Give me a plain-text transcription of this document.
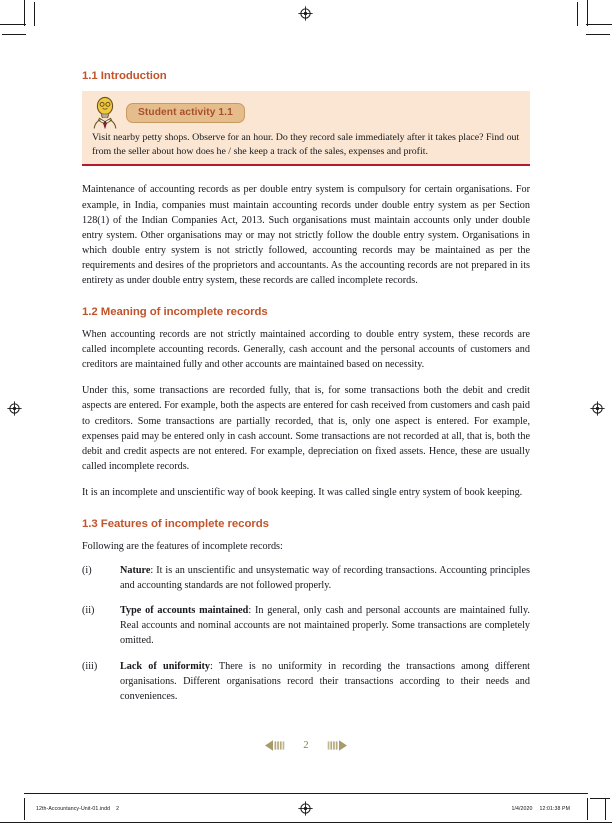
1.1 Introduction
Student activity 1.1

Visit nearby petty shops. Observe for an hour. Do they record sale immediately after it takes place? Find out from the seller about how does he / she keep a track of the sales, expenses and profit.

Maintenance of accounting records as per double entry system is compulsory for certain organisations. For example, in India, companies must maintain accounting records under double entry system as per Section 128(1) of the Indian Companies Act, 2013. Such organisations must maintain accounts only under double entry system. Other organisations may or may not strictly follow the double entry system. Organisations in which double entry system is not strictly followed, accounting records may be maintained as per the requirements and desires of the proprietors and accountants. As the accounting records are not prepared in its entirety as under double entry system, these records are called incomplete records.

1.2 Meaning of incomplete records

When accounting records are not strictly maintained according to double entry system, these records are called incomplete accounting records. Generally, cash account and the personal accounts of customers and creditors are maintained fully and other accounts are maintained based on necessity.

Under this, some transactions are recorded fully, that is, for some transactions both the debit and credit aspects are entered. For example, both the aspects are entered for cash received from customers and cash paid to creditors. Some transactions are partially recorded, that is, only one aspect is entered. For example, expenses paid may be entered only in cash account. Some transactions are not recorded at all, that is, both the debit and credit aspects are not entered. For example, depreciation on fixed assets. Hence, these are usually called incomplete records.

It is an incomplete and unscientific way of book keeping. It was called single entry system of book keeping.

1.3 Features of incomplete records

Following are the features of incomplete records:

(i)	Nature: It is an unscientific and unsystematic way of recording transactions. Accounting principles and accounting standards are not followed properly.
(ii)	Type of accounts maintained: In general, only cash and personal accounts are maintained fully. Real accounts and nominal accounts are not maintained properly. Some transactions are completely omitted.
(iii)	Lack of uniformity: There is no uniformity in recording the transactions among different organisations. Different organisations record their transactions according to their needs and conveniences.
2
12th-Accountancy-Unit-01.indd 2	1/4/2020 12:01:38 PM
